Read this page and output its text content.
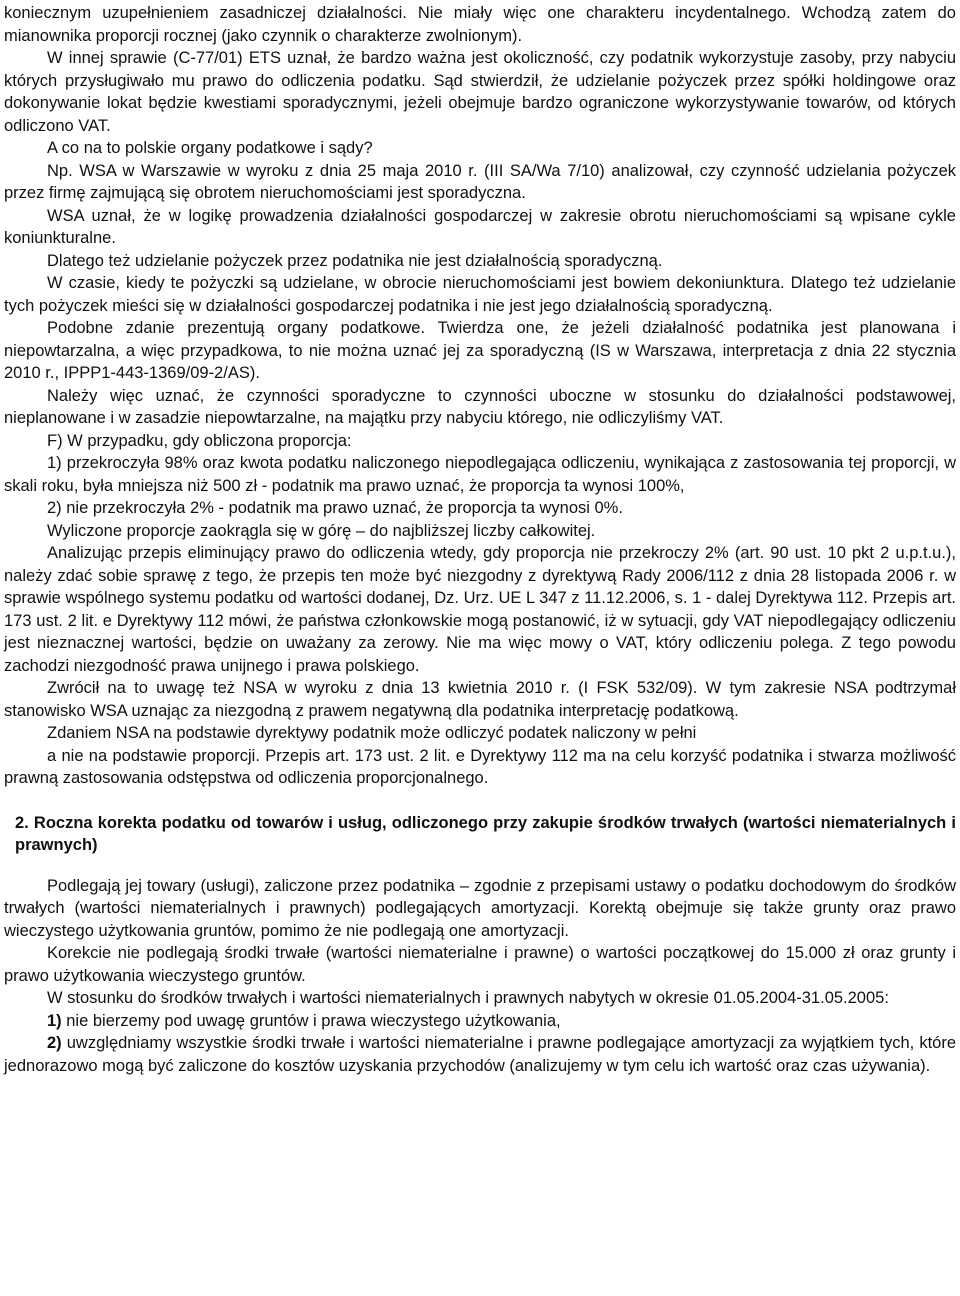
koniecznym uzupełnieniem zasadniczej działalności. Nie miały więc one charakteru incydentalnego. Wchodzą zatem do mianownika proporcji rocznej (jako czynnik o charakterze zwolnionym).

W innej sprawie (C-77/01) ETS uznał, że bardzo ważna jest okoliczność, czy podatnik wykorzystuje zasoby, przy nabyciu których przysługiwało mu prawo do odliczenia podatku. Sąd stwierdził, że udzielanie pożyczek przez spółki holdingowe oraz dokonywanie lokat będzie kwestiami sporadycznymi, jeżeli obejmuje bardzo ograniczone wykorzystywanie towarów, od których odliczono VAT.

A co na to polskie organy podatkowe i sądy?

Np. WSA w Warszawie w wyroku z dnia 25 maja 2010 r. (III SA/Wa 7/10) analizował, czy czynność udzielania pożyczek przez firmę zajmującą się obrotem nieruchomościami jest sporadyczna.

WSA uznał, że w logikę prowadzenia działalności gospodarczej w zakresie obrotu nieruchomościami są wpisane cykle koniunkturalne.

Dlatego też udzielanie pożyczek przez podatnika nie jest działalnością sporadyczną.

W czasie, kiedy te pożyczki są udzielane, w obrocie nieruchomościami jest bowiem dekoniunktura. Dlatego też udzielanie tych pożyczek mieści się w działalności gospodarczej podatnika i nie jest jego działalnością sporadyczną.

Podobne zdanie prezentują organy podatkowe. Twierdza one, że jeżeli działalność podatnika jest planowana i niepowtarzalna, a więc przypadkowa, to nie można uznać jej za sporadyczną (IS w Warszawa, interpretacja z dnia 22 stycznia 2010 r., IPPP1-443-1369/09-2/AS).

Należy więc uznać, że czynności sporadyczne to czynności uboczne w stosunku do działalności podstawowej, nieplanowane i w zasadzie niepowtarzalne, na majątku przy nabyciu którego, nie odliczyliśmy VAT.

F) W przypadku, gdy obliczona proporcja:

1) przekroczyła 98% oraz kwota podatku naliczonego niepodlegająca odliczeniu, wynikająca z zastosowania tej proporcji, w skali roku, była mniejsza niż 500 zł - podatnik ma prawo uznać, że proporcja ta wynosi 100%,

2) nie przekroczyła 2% - podatnik ma prawo uznać, że proporcja ta wynosi 0%.

Wyliczone proporcje zaokrągla się w górę – do najbliższej liczby całkowitej.

Analizując przepis eliminujący prawo do odliczenia wtedy, gdy proporcja nie przekroczy 2% (art. 90 ust. 10 pkt 2 u.p.t.u.), należy zdać sobie sprawę z tego, że przepis ten może być niezgodny z dyrektywą Rady 2006/112 z dnia 28 listopada 2006 r. w sprawie wspólnego systemu podatku od wartości dodanej, Dz. Urz. UE L 347 z 11.12.2006, s. 1 - dalej Dyrektywa 112. Przepis art. 173 ust. 2 lit. e Dyrektywy 112 mówi, że państwa członkowskie mogą postanowić, iż w sytuacji, gdy VAT niepodlegający odliczeniu jest nieznacznej wartości, będzie on uważany za zerowy. Nie ma więc mowy o VAT, który odliczeniu polega. Z tego powodu zachodzi niezgodność prawa unijnego i prawa polskiego.

Zwrócił na to uwagę też NSA w wyroku z dnia 13 kwietnia 2010 r. (I FSK 532/09). W tym zakresie NSA podtrzymał stanowisko WSA uznając za niezgodną z prawem negatywną dla podatnika interpretację podatkową.

Zdaniem NSA na podstawie dyrektywy podatnik może odliczyć podatek naliczony w pełni

a nie na podstawie proporcji. Przepis art. 173 ust. 2 lit. e Dyrektywy 112 ma na celu korzyść podatnika i stwarza możliwość prawną zastosowania odstępstwa od odliczenia proporcjonalnego.

2. Roczna korekta podatku od towarów i usług, odliczonego przy zakupie środków trwałych (wartości niematerialnych i prawnych)

Podlegają jej towary (usługi), zaliczone przez podatnika – zgodnie z przepisami ustawy o podatku dochodowym do środków trwałych (wartości niematerialnych i prawnych) podlegających amortyzacji. Korektą obejmuje się także grunty oraz prawo wieczystego użytkowania gruntów, pomimo że nie podlegają one amortyzacji.

Korekcie nie podlegają środki trwałe (wartości niematerialne i prawne) o wartości początkowej do 15.000 zł oraz grunty i prawo użytkowania wieczystego gruntów.

W stosunku do środków trwałych i wartości niematerialnych i prawnych nabytych w okresie 01.05.2004-31.05.2005:

1) nie bierzemy pod uwagę gruntów i prawa wieczystego użytkowania,

2) uwzględniamy wszystkie środki trwałe i wartości niematerialne i prawne podlegające amortyzacji za wyjątkiem tych, które jednorazowo mogą być zaliczone do kosztów uzyskania przychodów (analizujemy w tym celu ich wartość oraz czas używania).
